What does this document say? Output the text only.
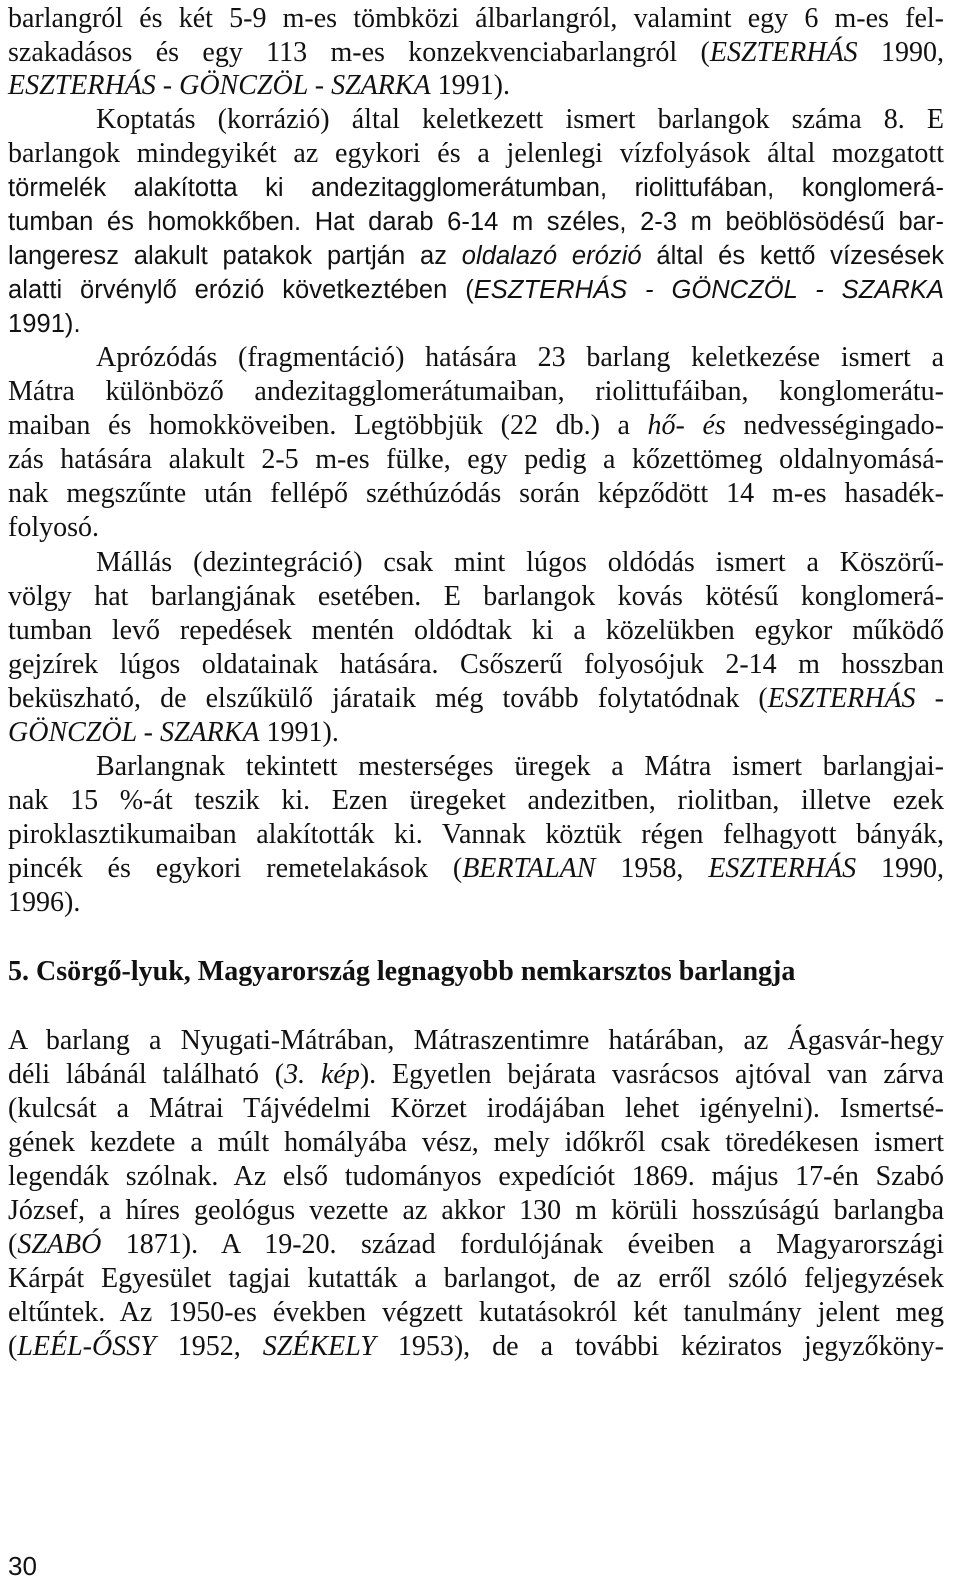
barlangról és két 5-9 m-es tömbközi álbarlangról, valamint egy 6 m-es fel-
szakadásos és egy 113 m-es konzekvenciabarlangról (ESZTERHÁS 1990,
ESZTERHÁS - GÖNCZÖL - SZARKA 1991).
Koptatás (korrázió) által keletkezett ismert barlangok száma 8. E
barlangok mindegyikét az egykori és a jelenlegi vízfolyások által mozgatott
törmelék alakította ki andezitagglomerátumban, riolittufában, konglomerá-
tumban és homokkőben. Hat darab 6-14 m széles, 2-3 m beöblösödésű bar-
langeresz alakult patakok partján az oldalazó erózió által és kettő vízesések
alatti örvénylő erózió következtében (ESZTERHÁS - GÖNCZÖL - SZARKA
1991).
Aprózódás (fragmentáció) hatására 23 barlang keletkezése ismert a
Mátra különböző andezitagglomerátumaiban, riolittufáiban, konglomerátu-
maiban és homokköveiben. Legtöbbjük (22 db.) a hő- és nedvességingado-
zás hatására alakult 2-5 m-es fülke, egy pedig a kőzettömeg oldalnyomásá-
nak megszűnte után fellépő széthúzódás során képződött 14 m-es hasadék-
folyosó.
Mállás (dezintegráció) csak mint lúgos oldódás ismert a Köszörű-
völgy hat barlangjának esetében. E barlangok kovás kötésű konglomerá-
tumban levő repedések mentén oldódtak ki a közelükben egykor működő
gejzírek lúgos oldatainak hatására. Csőszerű folyosójuk 2-14 m hosszban
beküszható, de elszűkülő járataik még tovább folytatódnak (ESZTERHÁS -
GÖNCZÖL - SZARKA 1991).
Barlangnak tekintett mesterséges üregek a Mátra ismert barlangjai-
nak 15 %-át teszik ki. Ezen üregeket andezitben, riolitban, illetve ezek
piroklasztikumaiban alakították ki. Vannak köztük régen felhagyott bányák,
pincék és egykori remetelakások (BERTALAN 1958, ESZTERHÁS 1990,
1996).
5. Csörgő-lyuk, Magyarország legnagyobb nemkarsztos barlangja
A barlang a Nyugati-Mátrában, Mátraszentimre határában, az Ágasvár-hegy
déli lábánál található (3. kép). Egyetlen bejárata vasrácsos ajtóval van zárva
(kulcsát a Mátrai Tájvédelmi Körzet irodájában lehet igényelni). Ismertsé-
gének kezdete a múlt homályába vész, mely időkről csak töredékesen ismert
legendák szólnak. Az első tudományos expedíciót 1869. május 17-én Szabó
József, a híres geológus vezette az akkor 130 m körüli hosszúságú barlangba
(SZABÓ 1871). A 19-20. század fordulójának éveiben a Magyarországi
Kárpát Egyesület tagjai kutatták a barlangot, de az erről szóló feljegyzések
eltűntek. Az 1950-es években végzett kutatásokról két tanulmány jelent meg
(LEÉL-ŐSSY 1952, SZÉKELY 1953), de a további kéziratos jegyzőköny-
30
